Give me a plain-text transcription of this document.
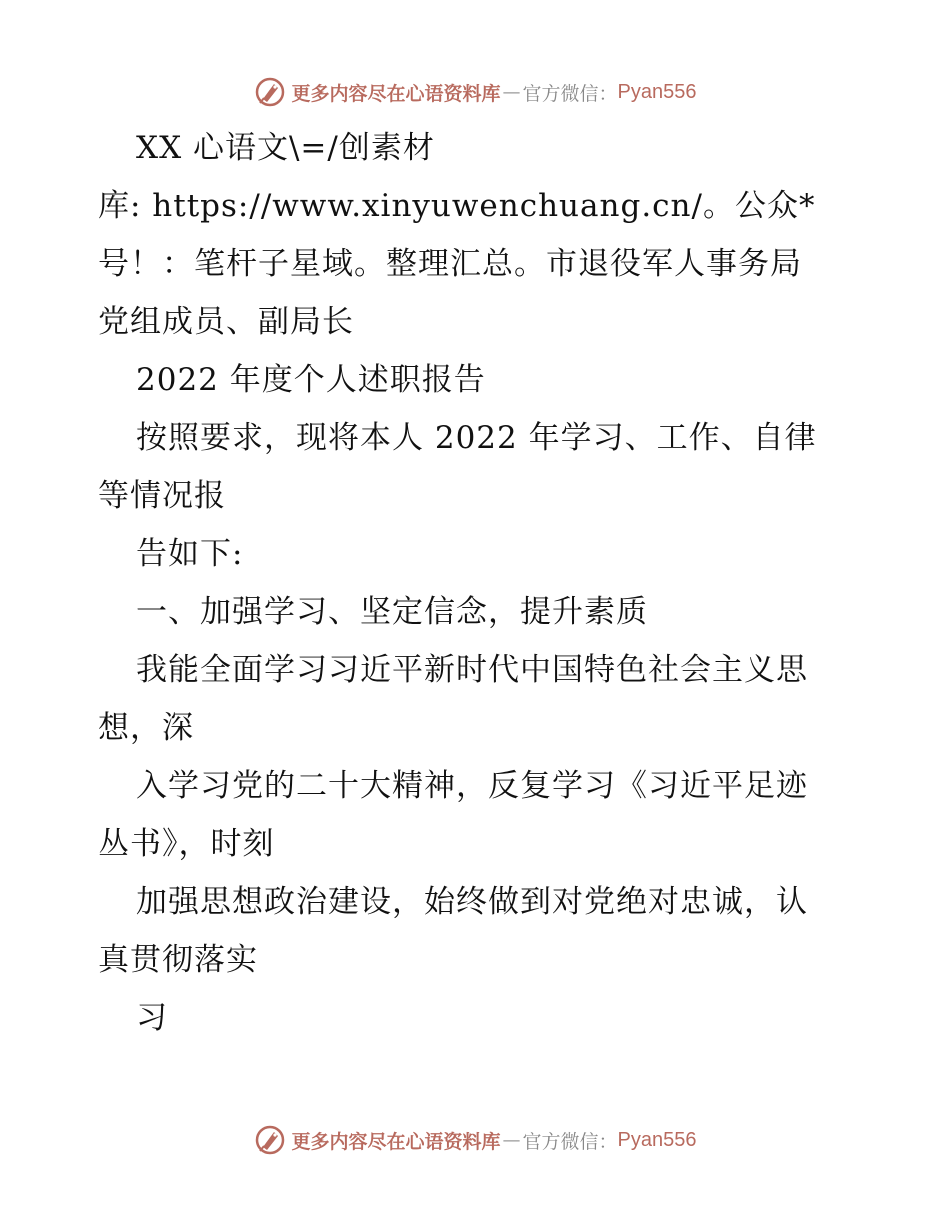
更多内容尽在心语资料库 — 官方微信： Pyan556
XX 心语文\=/创素材
库: https://www.xinyuwenchuang.cn/。公众*
号！：笔杆子星域。整理汇总。市退役军人事务局
党组成员、副局长
2022 年度个人述职报告
按照要求，现将本人 2022 年学习、工作、自律
等情况报
告如下:
一、加强学习、坚定信念，提升素质
我能全面学习习近平新时代中国特色社会主义思
想，深
入学习党的二十大精神，反复学习《习近平足迹
丛书》，时刻
加强思想政治建设，始终做到对党绝对忠诚，认
真贯彻落实
习
更多内容尽在心语资料库 — 官方微信： Pyan556
